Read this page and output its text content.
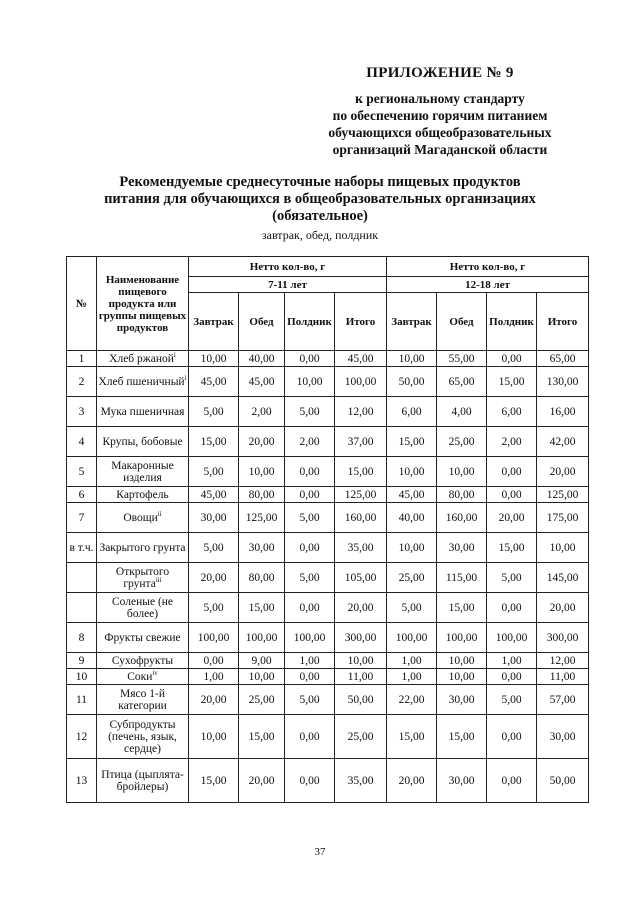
ПРИЛОЖЕНИЕ № 9
к региональному стандарту
по обеспечению горячим питанием
обучающихся общеобразовательных
организаций Магаданской области
Рекомендуемые среднесуточные наборы пищевых продуктов
питания для обучающихся в общеобразовательных организациях
(обязательное)
завтрак, обед, полдник
№	Наименование пищевого продукта или группы пищевых продуктов	Нетто кол-во, г				Нетто кол-во, г			
		7-11 лет				12-18 лет			
		Завтрак	Обед	Полдник	Итого	Завтрак	Обед	Полдник	Итого
1	Хлеб ржаной$^i$	10,00	40,00	0,00	45,00	10,00	55,00	0,00	65,00
2	Хлеб пшеничный$^i$	45,00	45,00	10,00	100,00	50,00	65,00	15,00	130,00
3	Мука пшеничная	5,00	2,00	5,00	12,00	6,00	4,00	6,00	16,00
4	Крупы, бобовые	15,00	20,00	2,00	37,00	15,00	25,00	2,00	42,00
5	Макаронные изделия	5,00	10,00	0,00	15,00	10,00	10,00	0,00	20,00
6	Картофель	45,00	80,00	0,00	125,00	45,00	80,00	0,00	125,00
7	Овощи$^{ii}$	30,00	125,00	5,00	160,00	40,00	160,00	20,00	175,00
в т.ч.	Закрытого грунта	5,00	30,00	0,00	35,00	10,00	30,00	15,00	10,00
	Открытого грунта$^{iii}$	20,00	80,00	5,00	105,00	25,00	115,00	5,00	145,00
	Соленые (не более)	5,00	15,00	0,00	20,00	5,00	15,00	0,00	20,00
8	Фрукты свежие	100,00	100,00	100,00	300,00	100,00	100,00	100,00	300,00
9	Сухофрукты	0,00	9,00	1,00	10,00	1,00	10,00	1,00	12,00
10	Соки$^{iv}$	1,00	10,00	0,00	11,00	1,00	10,00	0,00	11,00
11	Мясо 1-й категории	20,00	25,00	5,00	50,00	22,00	30,00	5,00	57,00
12	Субпродукты (печень, язык, сердце)	10,00	15,00	0,00	25,00	15,00	15,00	0,00	30,00
13	Птица (цыплята-бройлеры)	15,00	20,00	0,00	35,00	20,00	30,00	0,00	50,00
37
